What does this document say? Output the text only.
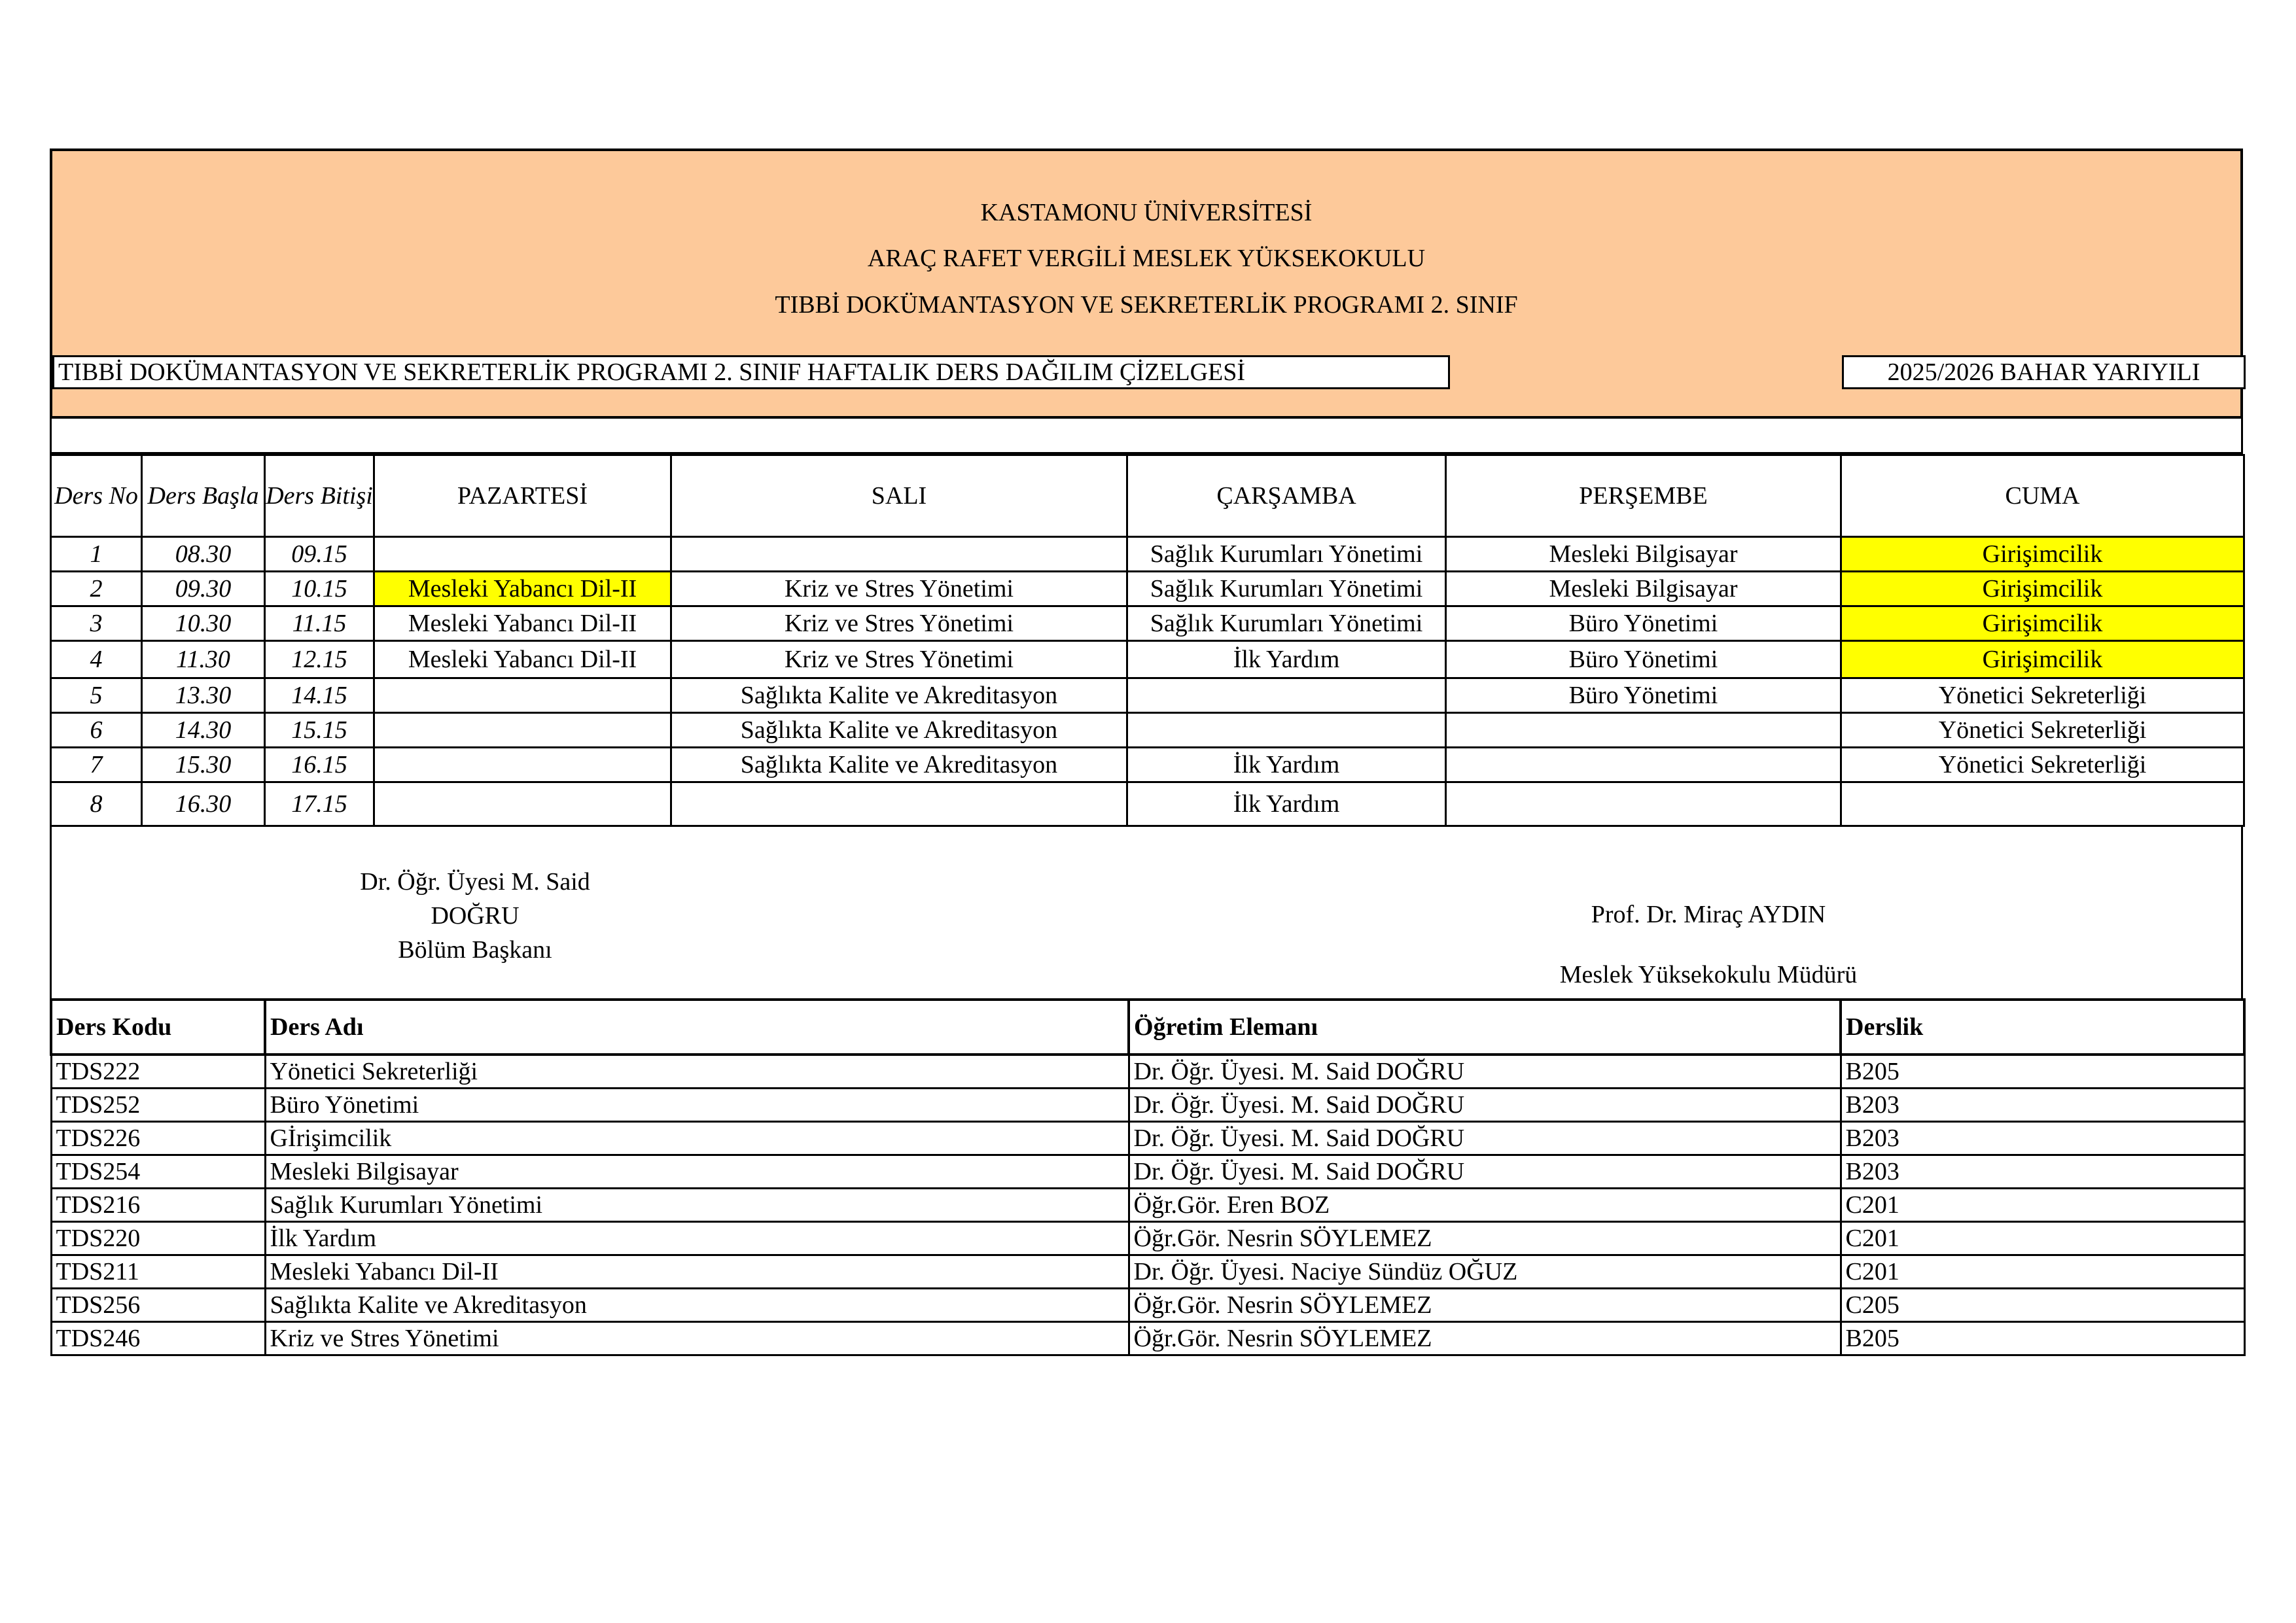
KASTAMONU ÜNİVERSİTESİ
ARAÇ RAFET VERGİLİ MESLEK YÜKSEKOKULU
TIBBİ DOKÜMANTASYON VE SEKRETERLİK PROGRAMI 2. SINIF
TIBBİ DOKÜMANTASYON VE SEKRETERLİK PROGRAMI 2. SINIF HAFTALIK DERS DAĞILIM ÇİZELGESİ	2025/2026 BAHAR YARIYILI
Ders No	Ders Başla	Ders Bitişi	PAZARTESİ	SALI	ÇARŞAMBA	PERŞEMBE	CUMA
1	08.30	09.15			Sağlık Kurumları Yönetimi	Mesleki Bilgisayar	Girişimcilik
2	09.30	10.15	Mesleki Yabancı Dil-II	Kriz ve Stres Yönetimi	Sağlık Kurumları Yönetimi	Mesleki Bilgisayar	Girişimcilik
3	10.30	11.15	Mesleki Yabancı Dil-II	Kriz ve Stres Yönetimi	Sağlık Kurumları Yönetimi	Büro Yönetimi	Girişimcilik
4	11.30	12.15	Mesleki Yabancı Dil-II	Kriz ve Stres Yönetimi	İlk Yardım	Büro Yönetimi	Girişimcilik
5	13.30	14.15		Sağlıkta Kalite ve Akreditasyon		Büro Yönetimi	Yönetici Sekreterliği
6	14.30	15.15		Sağlıkta Kalite ve Akreditasyon			Yönetici Sekreterliği
7	15.30	16.15		Sağlıkta Kalite ve Akreditasyon	İlk Yardım		Yönetici Sekreterliği
8	16.30	17.15			İlk Yardım		
Dr. Öğr. Üyesi M. Said
DOĞRU
Bölüm Başkanı
Prof. Dr. Miraç AYDIN
Meslek Yüksekokulu Müdürü
Ders Kodu	Ders Adı	Öğretim Elemanı	Derslik
TDS222	Yönetici Sekreterliği	Dr. Öğr. Üyesi. M. Said DOĞRU	B205
TDS252	Büro Yönetimi	Dr. Öğr. Üyesi. M. Said DOĞRU	B203
TDS226	Gİrişimcilik	Dr. Öğr. Üyesi. M. Said DOĞRU	B203
TDS254	Mesleki Bilgisayar	Dr. Öğr. Üyesi. M. Said DOĞRU	B203
TDS216	Sağlık Kurumları Yönetimi	Öğr.Gör. Eren BOZ	C201
TDS220	İlk Yardım	Öğr.Gör. Nesrin SÖYLEMEZ	C201
TDS211	Mesleki Yabancı Dil-II	Dr. Öğr. Üyesi. Naciye Sündüz OĞUZ	C201
TDS256	Sağlıkta Kalite ve Akreditasyon	Öğr.Gör. Nesrin SÖYLEMEZ	C205
TDS246	Kriz ve Stres Yönetimi	Öğr.Gör. Nesrin SÖYLEMEZ	B205
